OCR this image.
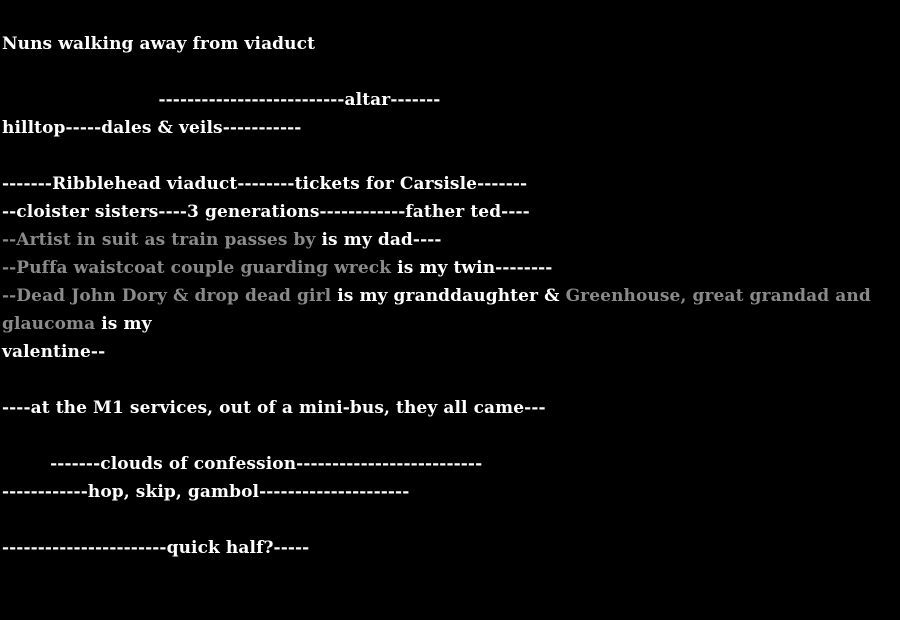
Nuns walking away from viaduct
--------------------------altar-------
hilltop-----dales & veils-----------
-------Ribblehead viaduct--------tickets for Carsisle-------
--cloister sisters----3 generations------------father ted----
--Artist in suit as train passes by is my dad----
--Puffa waistcoat couple guarding wreck is my twin--------
--Dead John Dory & drop dead girl is my granddaughter & Greenhouse, great grandad and glaucoma is my
valentine--
----at the M1 services, out of a mini-bus, they all came---
-------clouds of confession--------------------------
------------hop, skip, gambol---------------------
-----------------------quick half?-----
